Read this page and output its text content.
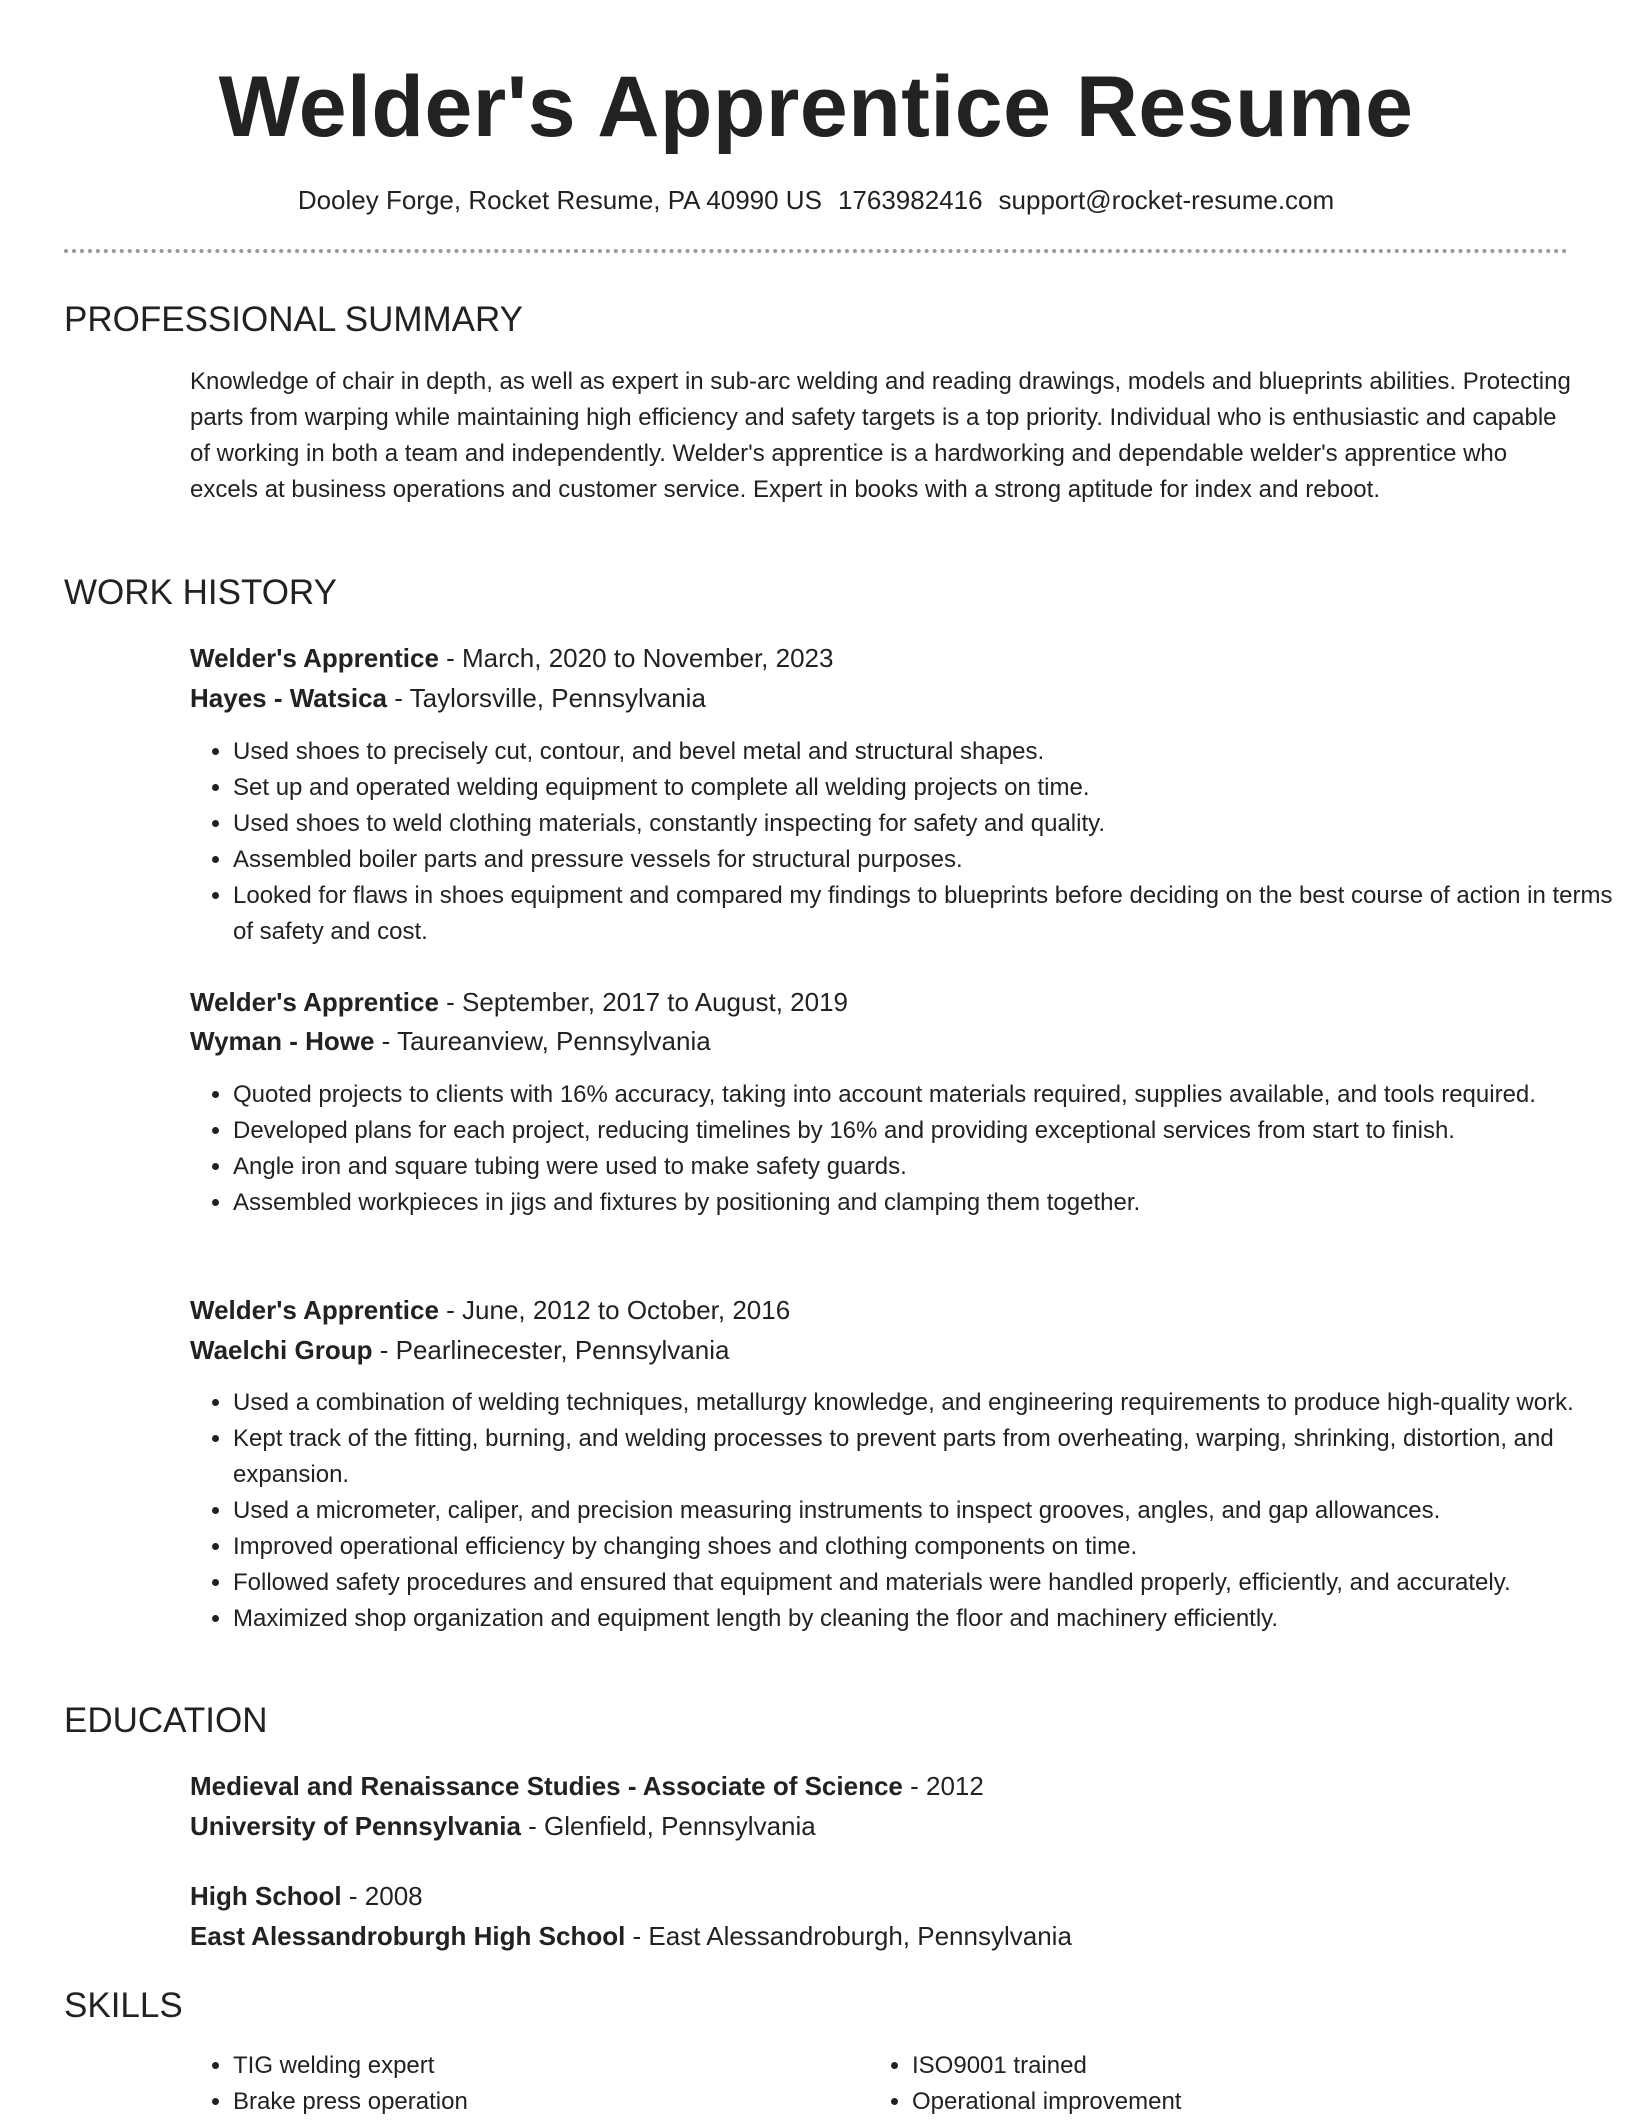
Welder's Apprentice Resume
Dooley Forge, Rocket Resume, PA 40990 US 1763982416 support@rocket-resume.com
PROFESSIONAL SUMMARY
Knowledge of chair in depth, as well as expert in sub-arc welding and reading drawings, models and blueprints abilities. Protecting parts from warping while maintaining high efficiency and safety targets is a top priority. Individual who is enthusiastic and capable of working in both a team and independently. Welder's apprentice is a hardworking and dependable welder's apprentice who excels at business operations and customer service. Expert in books with a strong aptitude for index and reboot.
WORK HISTORY
Welder's Apprentice - March, 2020 to November, 2023
Hayes - Watsica - Taylorsville, Pennsylvania
• Used shoes to precisely cut, contour, and bevel metal and structural shapes.
• Set up and operated welding equipment to complete all welding projects on time.
• Used shoes to weld clothing materials, constantly inspecting for safety and quality.
• Assembled boiler parts and pressure vessels for structural purposes.
• Looked for flaws in shoes equipment and compared my findings to blueprints before deciding on the best course of action in terms of safety and cost.
Welder's Apprentice - September, 2017 to August, 2019
Wyman - Howe - Taureanview, Pennsylvania
• Quoted projects to clients with 16% accuracy, taking into account materials required, supplies available, and tools required.
• Developed plans for each project, reducing timelines by 16% and providing exceptional services from start to finish.
• Angle iron and square tubing were used to make safety guards.
• Assembled workpieces in jigs and fixtures by positioning and clamping them together.
Welder's Apprentice - June, 2012 to October, 2016
Waelchi Group - Pearlinecester, Pennsylvania
• Used a combination of welding techniques, metallurgy knowledge, and engineering requirements to produce high-quality work.
• Kept track of the fitting, burning, and welding processes to prevent parts from overheating, warping, shrinking, distortion, and expansion.
• Used a micrometer, caliper, and precision measuring instruments to inspect grooves, angles, and gap allowances.
• Improved operational efficiency by changing shoes and clothing components on time.
• Followed safety procedures and ensured that equipment and materials were handled properly, efficiently, and accurately.
• Maximized shop organization and equipment length by cleaning the floor and machinery efficiently.
EDUCATION
Medieval and Renaissance Studies - Associate of Science - 2012
University of Pennsylvania - Glenfield, Pennsylvania
High School - 2008
East Alessandroburgh High School - East Alessandroburgh, Pennsylvania
SKILLS
• TIG welding expert
• Brake press operation
• ISO9001 trained
• Operational improvement
